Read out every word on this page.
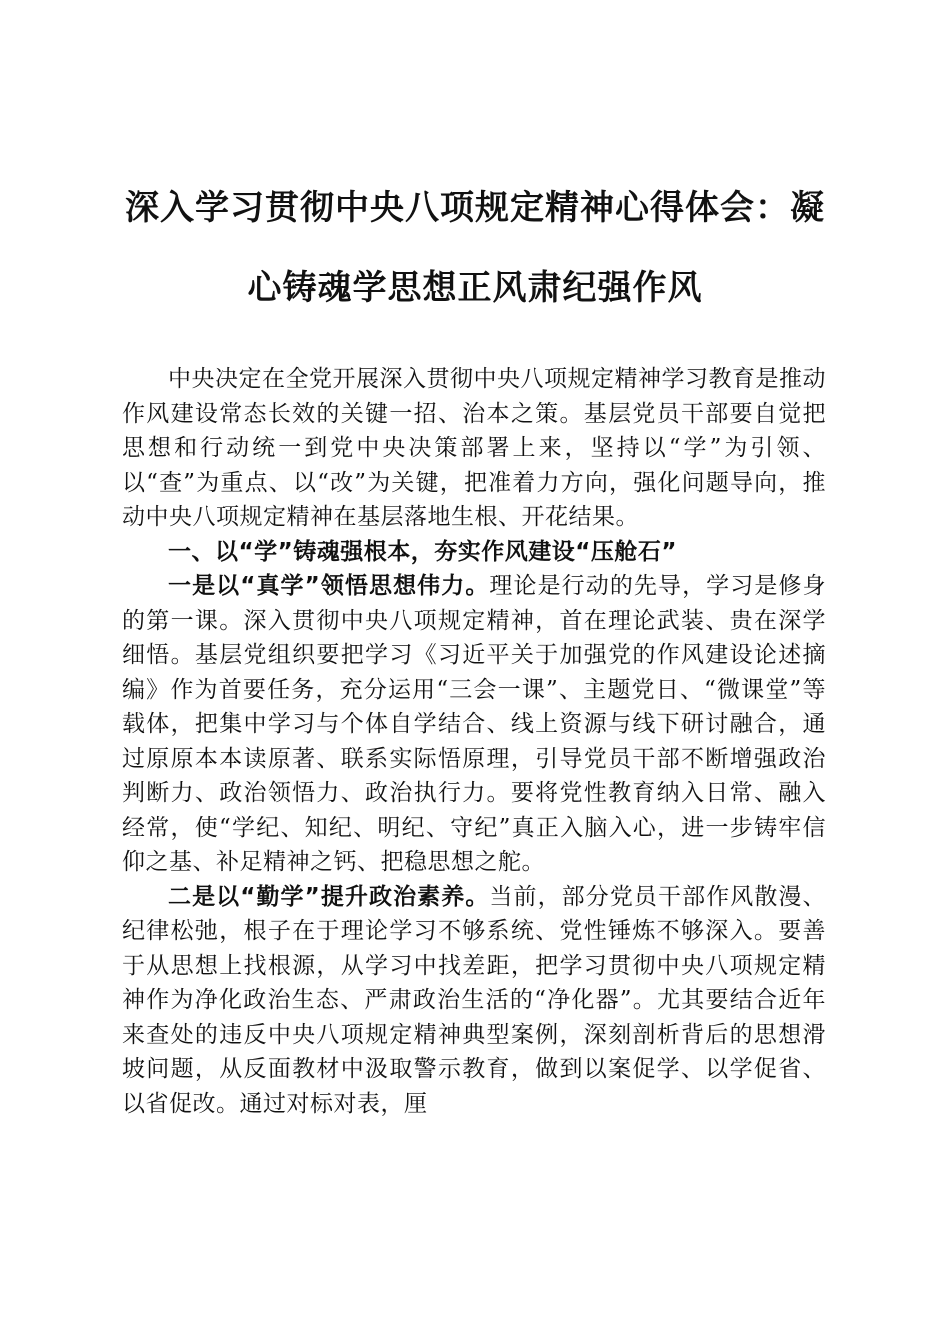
深入学习贯彻中央八项规定精神心得体会：凝
心铸魂学思想正风肃纪强作风

中央决定在全党开展深入贯彻中央八项规定精神学习教育是推动作风建设常态长效的关键一招、治本之策。基层党员干部要自觉把思想和行动统一到党中央决策部署上来，坚持以“学”为引领、以“查”为重点、以“改”为关键，把准着力方向，强化问题导向，推动中央八项规定精神在基层落地生根、开花结果。

一、以“学”铸魂强根本，夯实作风建设“压舱石”

一是以“真学”领悟思想伟力。理论是行动的先导，学习是修身的第一课。深入贯彻中央八项规定精神，首在理论武装、贵在深学细悟。基层党组织要把学习《习近平关于加强党的作风建设论述摘编》作为首要任务，充分运用“三会一课”、主题党日、“微课堂”等载体，把集中学习与个体自学结合、线上资源与线下研讨融合，通过原原本本读原著、联系实际悟原理，引导党员干部不断增强政治判断力、政治领悟力、政治执行力。要将党性教育纳入日常、融入经常，使“学纪、知纪、明纪、守纪”真正入脑入心，进一步铸牢信仰之基、补足精神之钙、把稳思想之舵。

二是以“勤学”提升政治素养。当前，部分党员干部作风散漫、纪律松弛，根子在于理论学习不够系统、党性锤炼不够深入。要善于从思想上找根源，从学习中找差距，把学习贯彻中央八项规定精神作为净化政治生态、严肃政治生活的“净化器”。尤其要结合近年来查处的违反中央八项规定精神典型案例，深刻剖析背后的思想滑坡问题，从反面教材中汲取警示教育，做到以案促学、以学促省、以省促改。通过对标对表，厘
